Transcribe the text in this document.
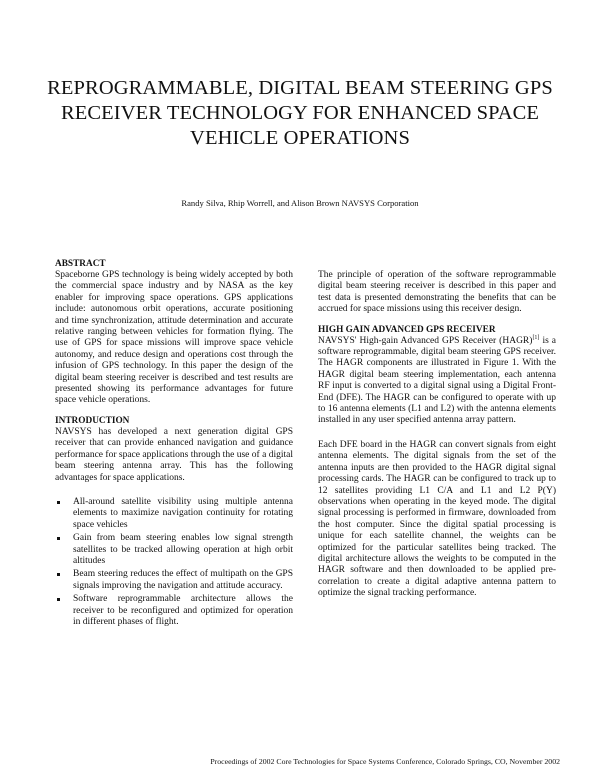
REPROGRAMMABLE, DIGITAL BEAM STEERING GPS RECEIVER TECHNOLOGY FOR ENHANCED SPACE VEHICLE OPERATIONS
Randy Silva, Rhip Worrell, and Alison Brown NAVSYS Corporation
ABSTRACT

Spaceborne GPS technology is being widely accepted by both the commercial space industry and by NASA as the key enabler for improving space operations. GPS applications include: autonomous orbit operations, accurate positioning and time synchronization, attitude determination and accurate relative ranging between vehicles for formation flying. The use of GPS for space missions will improve space vehicle autonomy, and reduce design and operations cost through the infusion of GPS technology. In this paper the design of the digital beam steering receiver is described and test results are presented showing its performance advantages for future space vehicle operations.

INTRODUCTION

NAVSYS has developed a next generation digital GPS receiver that can provide enhanced navigation and guidance performance for space applications through the use of a digital beam steering antenna array. This has the following advantages for space applications.

All-around satellite visibility using multiple antenna elements to maximize navigation continuity for rotating space vehicles
Gain from beam steering enables low signal strength satellites to be tracked allowing operation at high orbit altitudes
Beam steering reduces the effect of multipath on the GPS signals improving the navigation and attitude accuracy.
Software reprogrammable architecture allows the receiver to be reconfigured and optimized for operation in different phases of flight.

The principle of operation of the software reprogrammable digital beam steering receiver is described in this paper and test data is presented demonstrating the benefits that can be accrued for space missions using this receiver design.

HIGH GAIN ADVANCED GPS RECEIVER

NAVSYS' High-gain Advanced GPS Receiver (HAGR)[1] is a software reprogrammable, digital beam steering GPS receiver. The HAGR components are illustrated in Figure 1. With the HAGR digital beam steering implementation, each antenna RF input is converted to a digital signal using a Digital Front-End (DFE). The HAGR can be configured to operate with up to 16 antenna elements (L1 and L2) with the antenna elements installed in any user specified antenna array pattern.

Each DFE board in the HAGR can convert signals from eight antenna elements. The digital signals from the set of the antenna inputs are then provided to the HAGR digital signal processing cards. The HAGR can be configured to track up to 12 satellites providing L1 C/A and L1 and L2 P(Y) observations when operating in the keyed mode. The digital signal processing is performed in firmware, downloaded from the host computer. Since the digital spatial processing is unique for each satellite channel, the weights can be optimized for the particular satellites being tracked. The digital architecture allows the weights to be computed in the HAGR software and then downloaded to be applied pre-correlation to create a digital adaptive antenna pattern to optimize the signal tracking performance.

Proceedings of 2002 Core Technologies for Space Systems Conference, Colorado Springs, CO, November 2002
